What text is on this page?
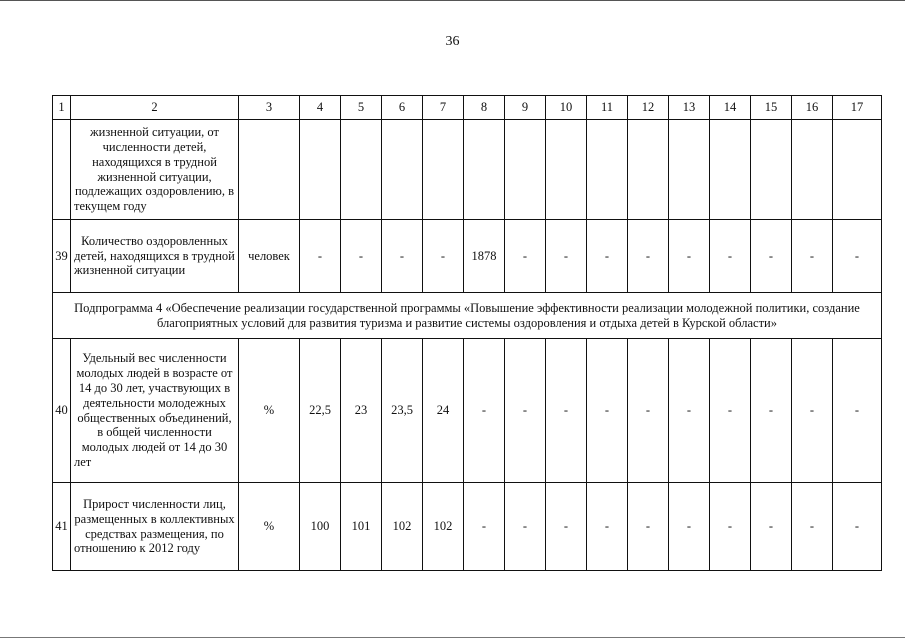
36
1	2	3	4	5	6	7	8	9	10	11	12	13	14	15	16	17
	жизненной ситуации, от численности детей, находящихся в трудной жизненной ситуации, подлежащих оздоровлению, в текущем году															
39	Количество оздоровленных детей, находящихся в трудной жизненной ситуации	человек	-	-	-	-	1878	-	-	-	-	-	-	-	-	-
Подпрограмма 4 «Обеспечение реализации государственной программы «Повышение эффективности реализации молодежной политики, создание благоприятных условий для развития туризма и развитие системы оздоровления и отдыха детей в Курской области»																
40	Удельный вес численности молодых людей в возрасте от 14 до 30 лет, участвующих в деятельности молодежных общественных объединений, в общей численности молодых людей от 14 до 30 лет	%	22,5	23	23,5	24	-	-	-	-	-	-	-	-	-	-
41	Прирост численности лиц, размещенных в коллективных средствах размещения, по отношению к 2012 году	%	100	101	102	102	-	-	-	-	-	-	-	-	-	-
